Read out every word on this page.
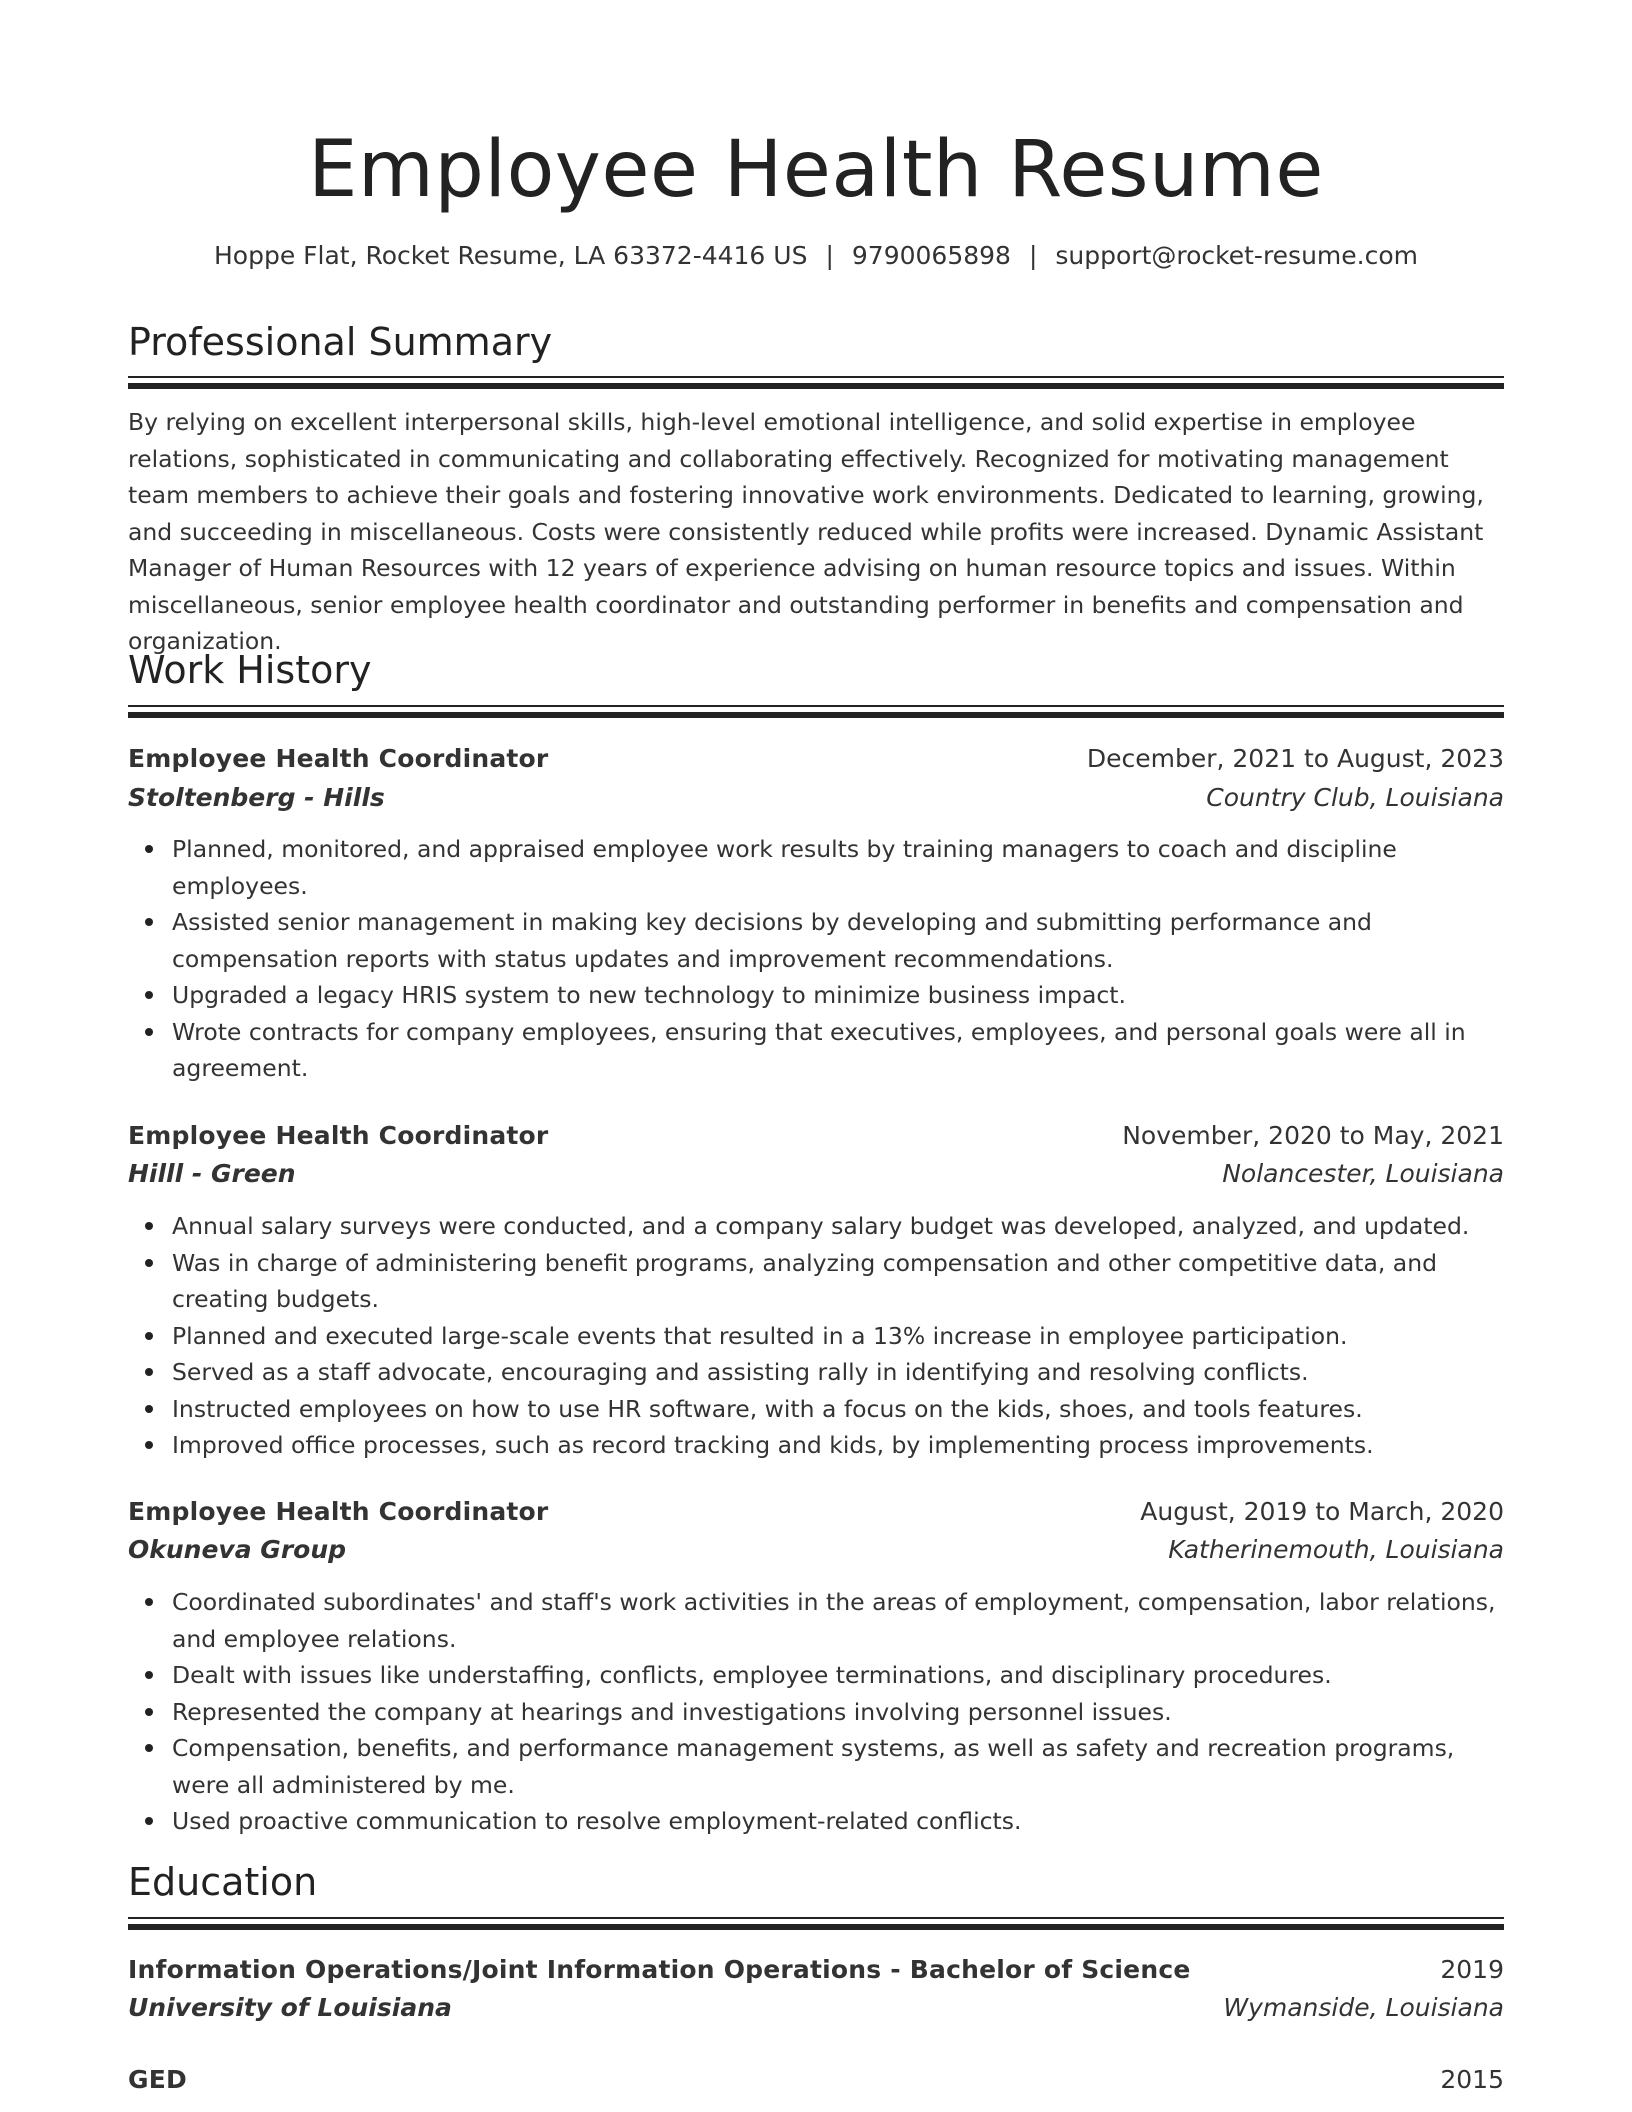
Employee Health Resume
Hoppe Flat, Rocket Resume, LA 63372-4416 US | 9790065898 | support@rocket-resume.com
Professional Summary
By relying on excellent interpersonal skills, high-level emotional intelligence, and solid expertise in employee relations, sophisticated in communicating and collaborating effectively. Recognized for motivating management team members to achieve their goals and fostering innovative work environments. Dedicated to learning, growing, and succeeding in miscellaneous. Costs were consistently reduced while profits were increased. Dynamic Assistant Manager of Human Resources with 12 years of experience advising on human resource topics and issues. Within miscellaneous, senior employee health coordinator and outstanding performer in benefits and compensation and organization.
Work History
Employee Health Coordinator	December, 2021 to August, 2023
Stoltenberg - Hills	Country Club, Louisiana
Planned, monitored, and appraised employee work results by training managers to coach and discipline employees.
Assisted senior management in making key decisions by developing and submitting performance and compensation reports with status updates and improvement recommendations.
Upgraded a legacy HRIS system to new technology to minimize business impact.
Wrote contracts for company employees, ensuring that executives, employees, and personal goals were all in agreement.
Employee Health Coordinator	November, 2020 to May, 2021
Hilll - Green	Nolancester, Louisiana
Annual salary surveys were conducted, and a company salary budget was developed, analyzed, and updated.
Was in charge of administering benefit programs, analyzing compensation and other competitive data, and creating budgets.
Planned and executed large-scale events that resulted in a 13% increase in employee participation.
Served as a staff advocate, encouraging and assisting rally in identifying and resolving conflicts.
Instructed employees on how to use HR software, with a focus on the kids, shoes, and tools features.
Improved office processes, such as record tracking and kids, by implementing process improvements.
Employee Health Coordinator	August, 2019 to March, 2020
Okuneva Group	Katherinemouth, Louisiana
Coordinated subordinates' and staff's work activities in the areas of employment, compensation, labor relations, and employee relations.
Dealt with issues like understaffing, conflicts, employee terminations, and disciplinary procedures.
Represented the company at hearings and investigations involving personnel issues.
Compensation, benefits, and performance management systems, as well as safety and recreation programs, were all administered by me.
Used proactive communication to resolve employment-related conflicts.
Education
Information Operations/Joint Information Operations - Bachelor of Science	2019
University of Louisiana	Wymanside, Louisiana
GED	2015
